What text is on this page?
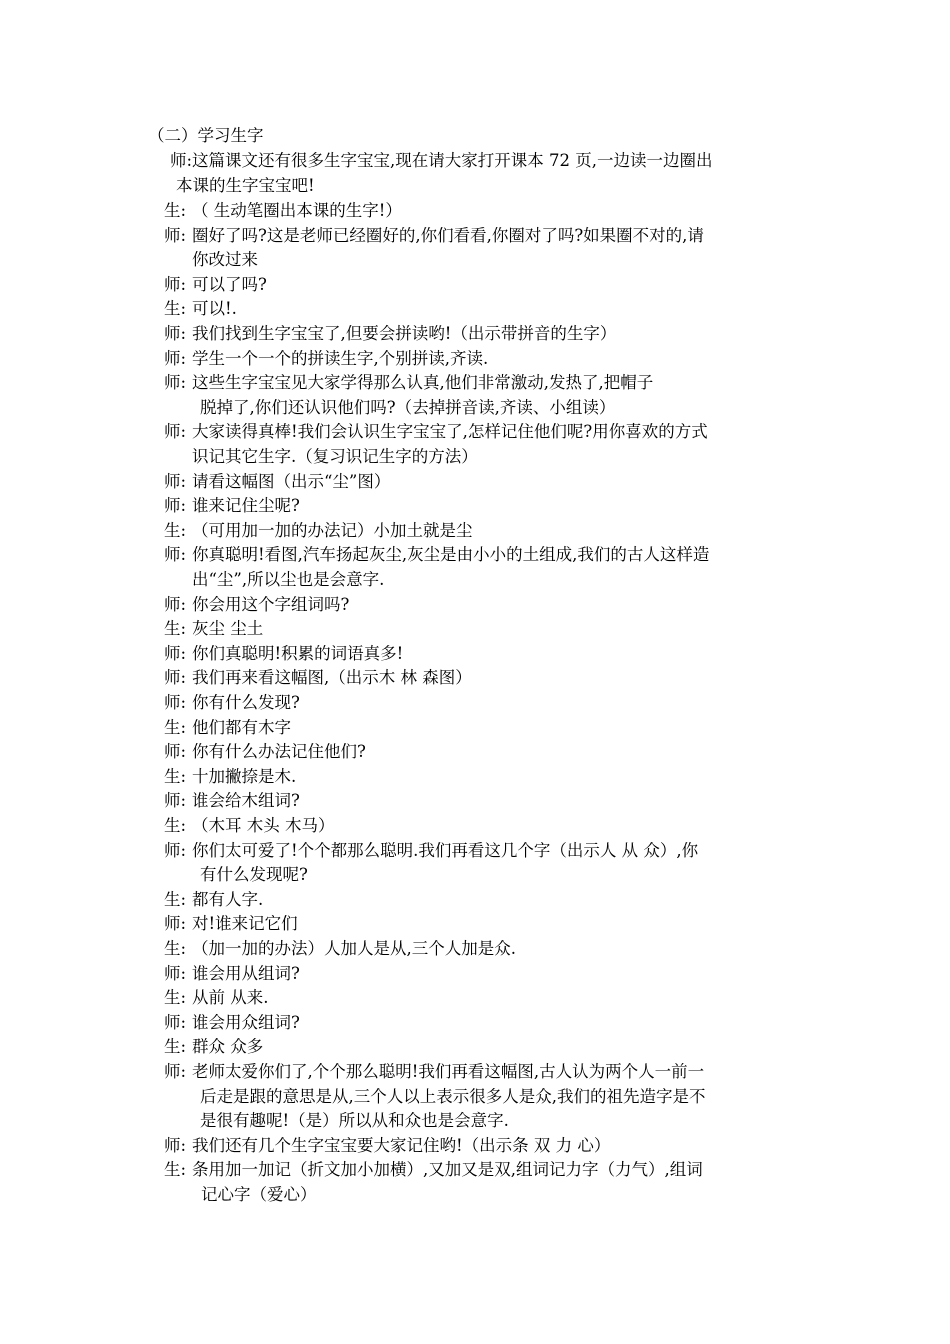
（二）学习生字
师:这篇课文还有很多生字宝宝,现在请大家打开课本 72 页,一边读一边圈出
本课的生字宝宝吧!
生: （ 生动笔圈出本课的生字!）
师: 圈好了吗?这是老师已经圈好的,你们看看,你圈对了吗?如果圈不对的,请
你改过来
师: 可以了吗?
生: 可以!.
师: 我们找到生字宝宝了,但要会拼读哟!（出示带拼音的生字）
师: 学生一个一个的拼读生字,个别拼读,齐读.
师: 这些生字宝宝见大家学得那么认真,他们非常激动,发热了,把帽子
脱掉了,你们还认识他们吗?（去掉拼音读,齐读、小组读）
师: 大家读得真棒!我们会认识生字宝宝了,怎样记住他们呢?用你喜欢的方式
识记其它生字.（复习识记生字的方法）
师: 请看这幅图（出示“尘”图）
师: 谁来记住尘呢?
生: （可用加一加的办法记）小加土就是尘
师: 你真聪明!看图,汽车扬起灰尘,灰尘是由小小的土组成,我们的古人这样造
出“尘”,所以尘也是会意字.
师: 你会用这个字组词吗?
生: 灰尘 尘土
师: 你们真聪明!积累的词语真多!
师: 我们再来看这幅图,（出示木 林 森图）
师: 你有什么发现?
生: 他们都有木字
师: 你有什么办法记住他们?
生: 十加撇捺是木.
师: 谁会给木组词?
生: （木耳 木头 木马）
师: 你们太可爱了!个个都那么聪明.我们再看这几个字（出示人 从 众）,你
有什么发现呢?
生: 都有人字.
师: 对!谁来记它们
生: （加一加的办法）人加人是从,三个人加是众.
师: 谁会用从组词?
生: 从前 从来.
师: 谁会用众组词?
生: 群众 众多
师: 老师太爱你们了,个个那么聪明!我们再看这幅图,古人认为两个人一前一
后走是跟的意思是从,三个人以上表示很多人是众,我们的祖先造字是不
是很有趣呢!（是）所以从和众也是会意字.
师: 我们还有几个生字宝宝要大家记住哟!（出示条 双 力 心）
生: 条用加一加记（折文加小加横）,又加又是双,组词记力字（力气）,组词
记心字（爱心）
